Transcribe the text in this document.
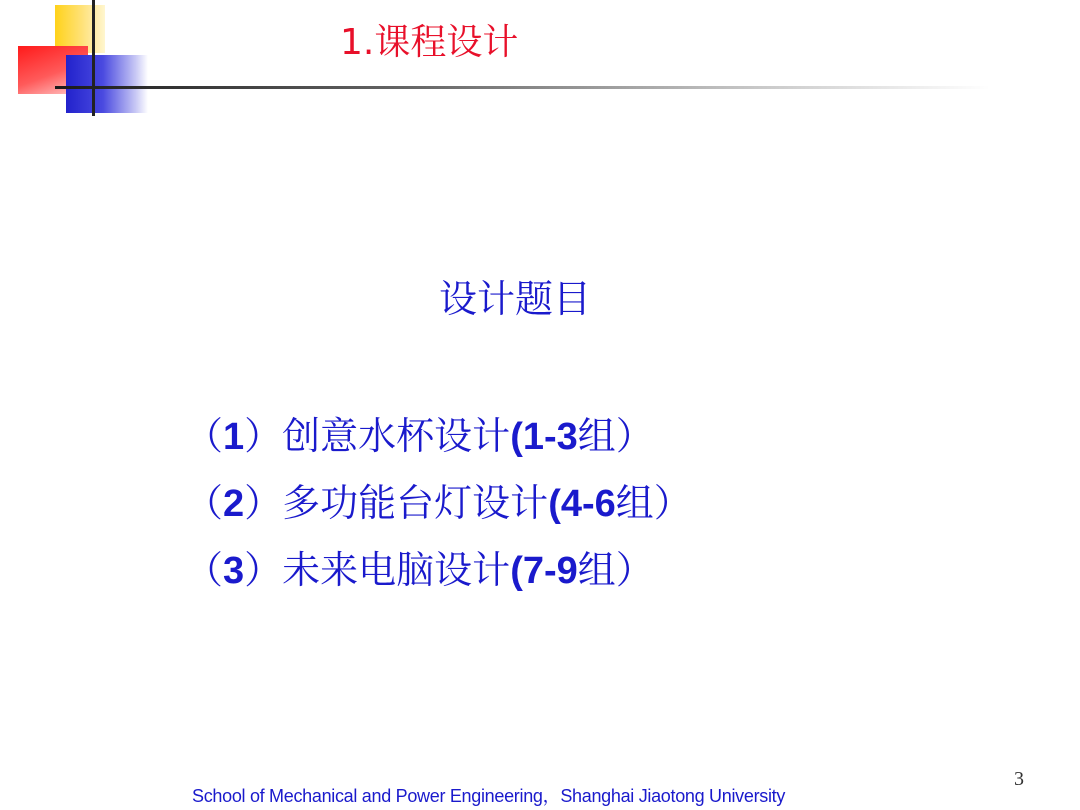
1.课程设计
设计题目
（1）创意水杯设计(1-3组）
（2）多功能台灯设计(4-6组）
（3）未来电脑设计(7-9组）
School of Mechanical and Power Engineering，Shanghai Jiaotong University
3
